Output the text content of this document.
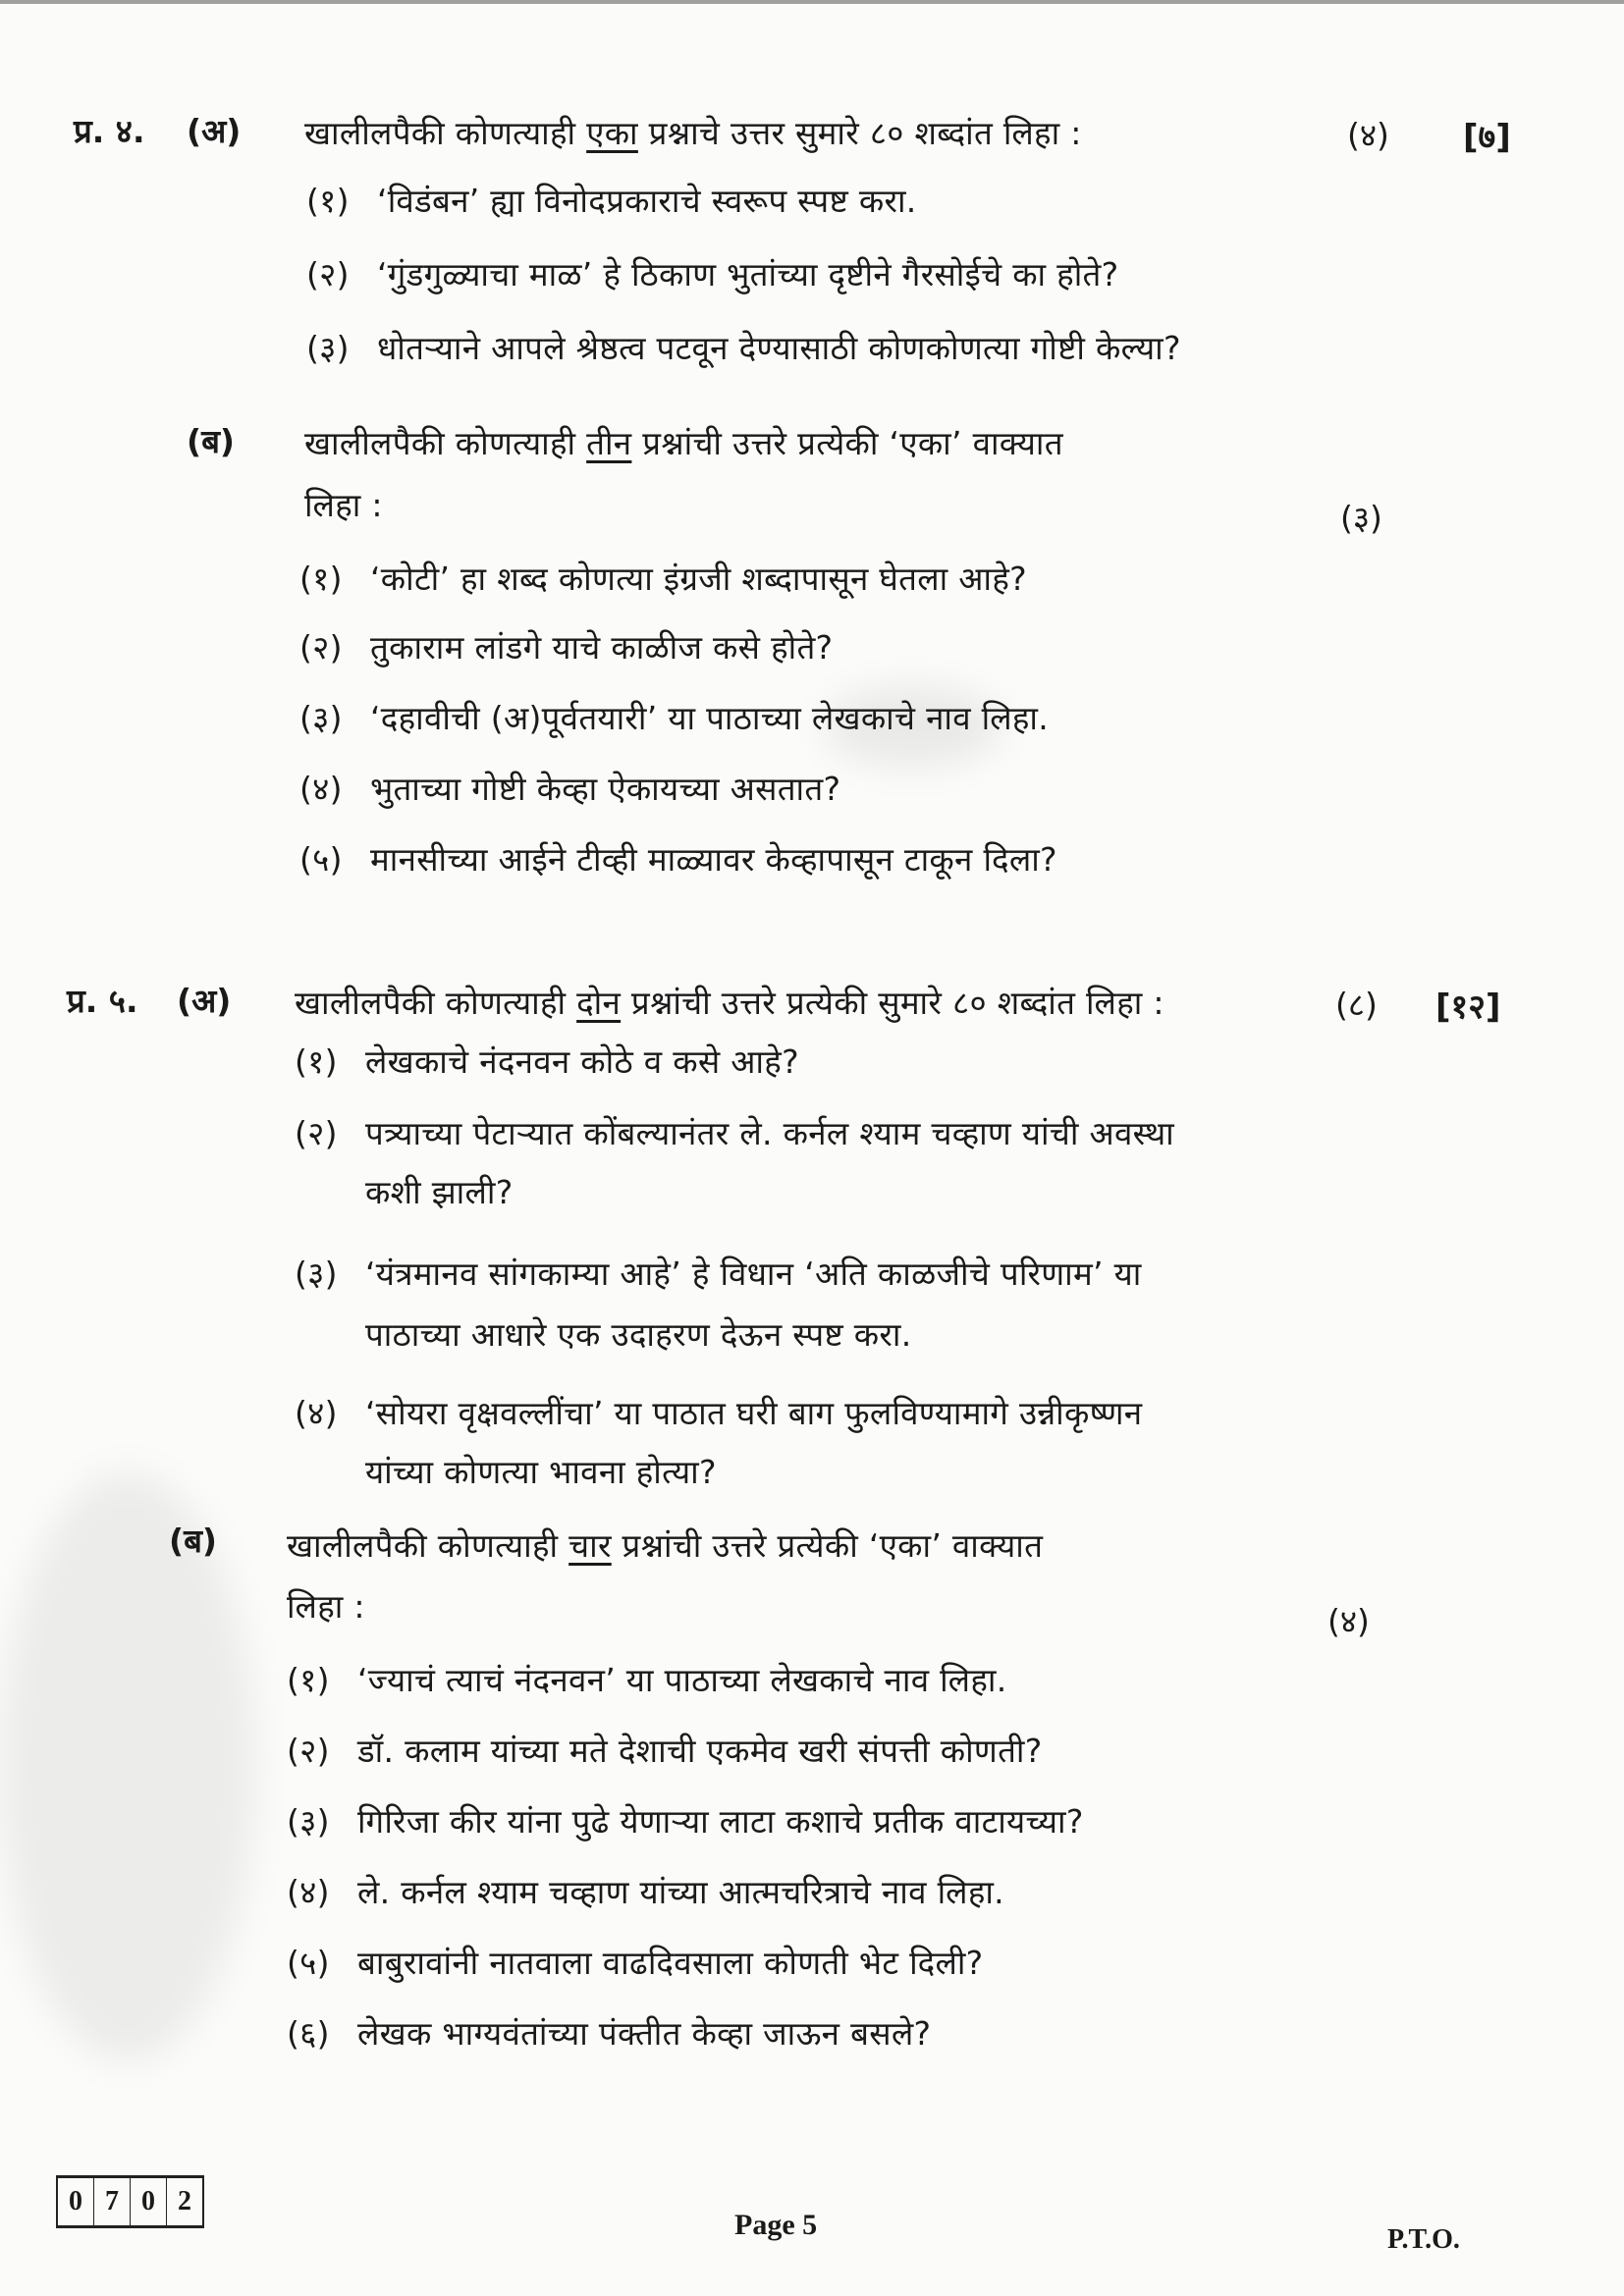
प्र. ४. (अ) खालीलपैकी कोणत्याही एका प्रश्नाचे उत्तर सुमारे ८० शब्दांत लिहा :	(४) [७]
(१) ‘विडंबन’ ह्या विनोदप्रकाराचे स्वरूप स्पष्ट करा.
(२) ‘गुंडगुळ्याचा माळ’ हे ठिकाण भुतांच्या दृष्टीने गैरसोईचे का होते?
(३) धोतऱ्याने आपले श्रेष्ठत्व पटवून देण्यासाठी कोणकोणत्या गोष्टी केल्या?
(ब) खालीलपैकी कोणत्याही तीन प्रश्नांची उत्तरे प्रत्येकी ‘एका’ वाक्यात
लिहा :	(३)
(१) ‘कोटी’ हा शब्द कोणत्या इंग्रजी शब्दापासून घेतला आहे?
(२) तुकाराम लांडगे याचे काळीज कसे होते?
(३) ‘दहावीची (अ)पूर्वतयारी’ या पाठाच्या लेखकाचे नाव लिहा.
(४) भुताच्या गोष्टी केव्हा ऐकायच्या असतात?
(५) मानसीच्या आईने टीव्ही माळ्यावर केव्हापासून टाकून दिला?
प्र. ५. (अ) खालीलपैकी कोणत्याही दोन प्रश्नांची उत्तरे प्रत्येकी सुमारे ८० शब्दांत लिहा :	(८) [१२]
(१) लेखकाचे नंदनवन कोठे व कसे आहे?
(२) पत्र्याच्या पेटाऱ्यात कोंबल्यानंतर ले. कर्नल श्याम चव्हाण यांची अवस्था
कशी झाली?
(३) ‘यंत्रमानव सांगकाम्या आहे’ हे विधान ‘अति काळजीचे परिणाम’ या
पाठाच्या आधारे एक उदाहरण देऊन स्पष्ट करा.
(४) ‘सोयरा वृक्षवल्लींचा’ या पाठात घरी बाग फुलविण्यामागे उन्नीकृष्णन
यांच्या कोणत्या भावना होत्या?
(ब) खालीलपैकी कोणत्याही चार प्रश्नांची उत्तरे प्रत्येकी ‘एका’ वाक्यात
लिहा :	(४)
(१) ‘ज्याचं त्याचं नंदनवन’ या पाठाच्या लेखकाचे नाव लिहा.
(२) डॉ. कलाम यांच्या मते देशाची एकमेव खरी संपत्ती कोणती?
(३) गिरिजा कीर यांना पुढे येणाऱ्या लाटा कशाचे प्रतीक वाटायच्या?
(४) ले. कर्नल श्याम चव्हाण यांच्या आत्मचरित्राचे नाव लिहा.
(५) बाबुरावांनी नातवाला वाढदिवसाला कोणती भेट दिली?
(६) लेखक भाग्यवंतांच्या पंक्तीत केव्हा जाऊन बसले?
0 7 0 2
Page 5	P.T.O.
